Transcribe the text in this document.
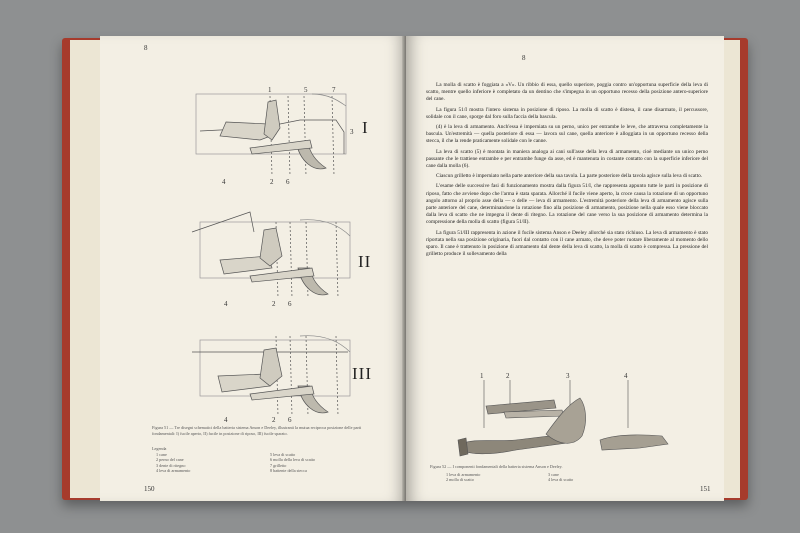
8
1	5	7
3
4	2 6
4	2 6
4	2 6
I
II
III
Figura 51 — Tre disegni schematici della batteria sistema Anson e Deeley, illustranti la mutua reciproca posizione delle parti fondamentali: I) fucile aperto, II) fucile in posizione di riposo, III) fucile sparato.
Legenda
1 cane
2 perno del cane
3 dente di ritegno
4 leva di armamento
5 leva di scatto
6 molla della leva di scatto
7 grilletto
8 battente della stecca
150
8

La molla di scatto è foggiata a «V». Un ribbio di essa, quello superiore, poggia contro un'opportuna superficie della leva di scatto, mentre quello inferiore è completato da un dentino che s'impegna in un opportuno recesso della posizione antero-superiore del cane.

La figura 51/I mostra l'intero sistema in posizione di riposo. La molla di scatto è distesa, il cane disarmato, il percussore, solidale con il cane, sporge dal foro sulla faccia della bascula.

(4) è la leva di armamento. Anch'essa è imperniata su un perno, unico per entrambe le leve, che attraversa completamente la bascula. Un'estremità — quella posteriore di essa — lavora sul cane, quella anteriore è alloggiata in un opportuno recesso della stecca, il che la rende praticamente solidale con le canne.

La leva di scatto (5) è montata in maniera analoga ai cani sull'asse della leva di armamento, cioè mediante un unico perno passante che le trattiene entrambe e per entrambe funge da asse, ed è mantenuta in costante contatto con la superficie inferiore del cane dalla molla (6).

Ciascun grilletto è imperniato nella parte anteriore della sua tavola. La parte posteriore della tavola agisce sulla leva di scatto.

L'esame delle successive fasi di funzionamento mostra dalla figura 51/I, che rappresenta appunto tutte le parti in posizione di riposo, fatto che avviene dopo che l'arma è stata sparata. Allorché il fucile viene aperto, la croce causa la rotazione di un opportuno angolo attorno al proprio asse della — o delle — leva di armamento. L'estremità posteriore della leva di armamento agisce sulla parte anteriore del cane, determinandone la rotazione fino alla posizione di armamento, posizione nella quale esso viene bloccato dalla leva di scatto che ne impegna il dente di ritegno. La rotazione del cane verso la sua posizione di armamento determina la compressione della molla di scatto (figura 51/II).

La figura 51/III rappresenta in azione il fucile sistema Anson e Deeley allorché sia stato richiuso. La leva di armamento è stato riportata nella sua posizione originaria, fuori dal contatto con il cane armato, che deve poter ruotare liberamente al momento dello sparo. Il cane è trattenuto in posizione di armamento dal dente della leva di scatto, la molla di scatto è compressa. La pressione del grilletto produce il sollevamento della

1	2	3	4
Figura 52 — I componenti fondamentali della batteria sistema Anson e Deeley.
1 leva di armamento
2 molla di scatto
3 cane
4 leva di scatto
151
